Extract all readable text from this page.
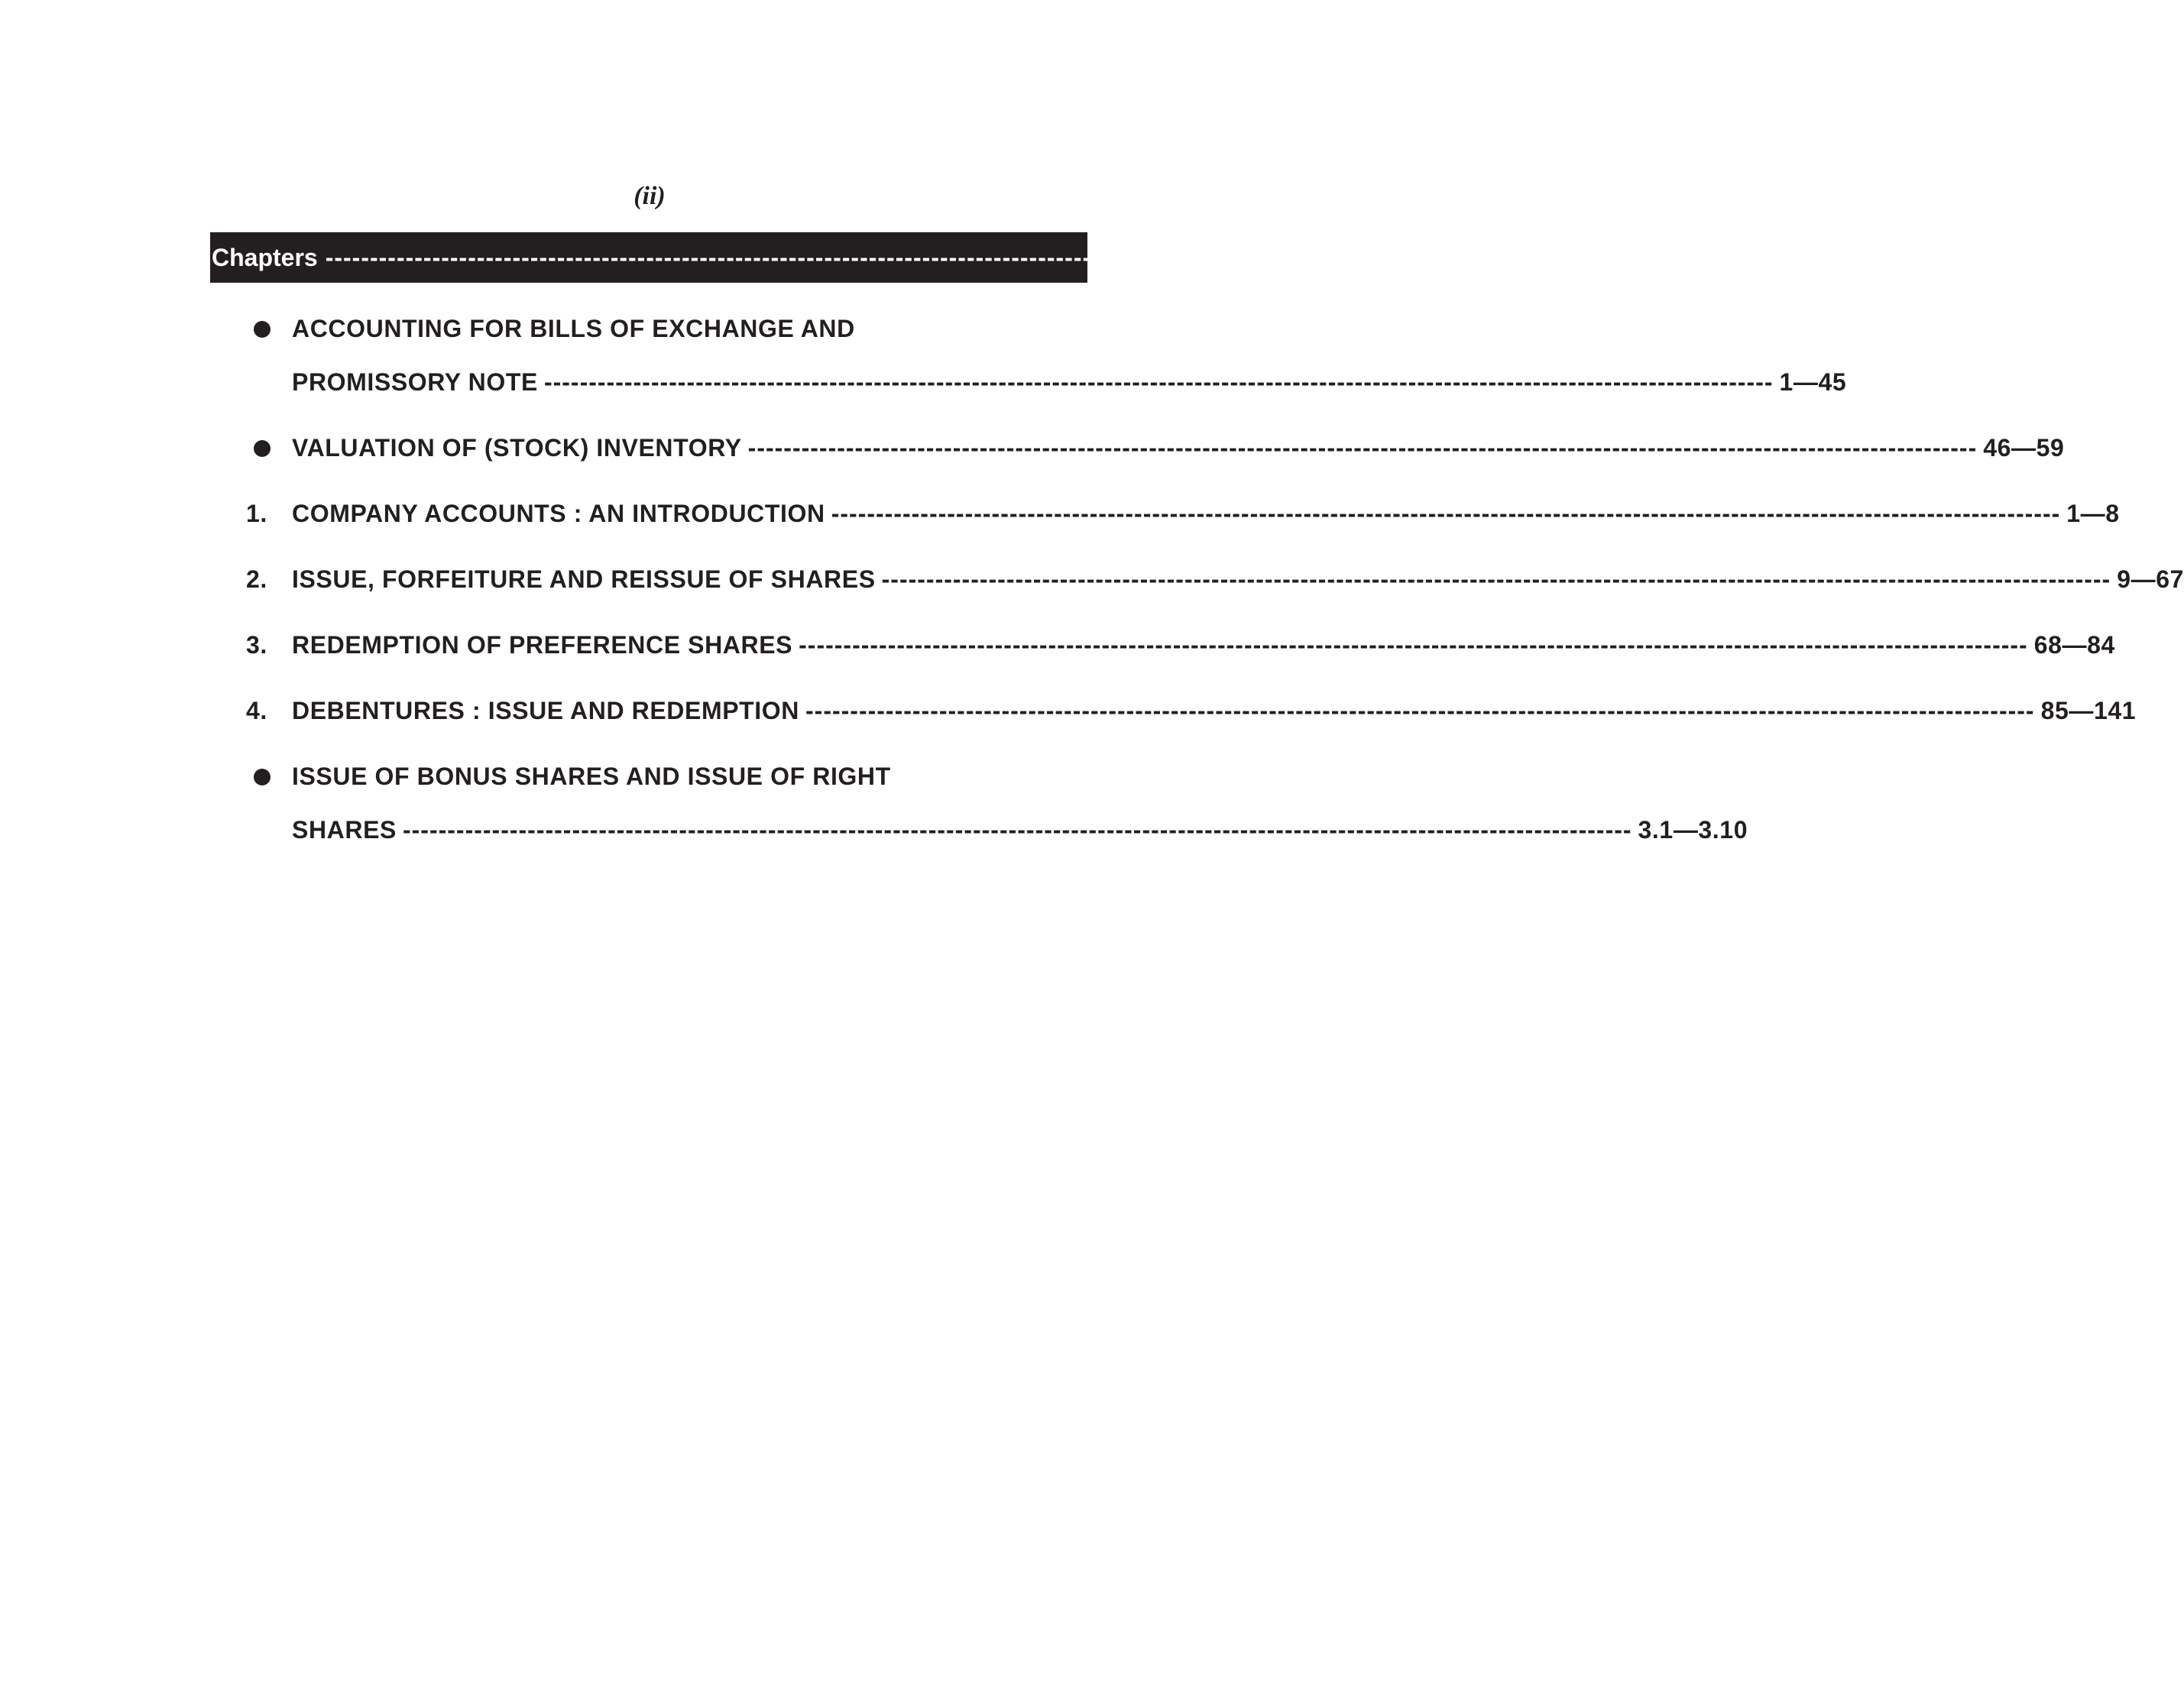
(ii)
Chapters ------------------------------------------------------------------------------------------------------------------------------------------ Page No.
ACCOUNTING FOR BILLS OF EXCHANGE AND
PROMISSORY NOTE ------------------------------------------------------------------------------------------------------------------------------------------ 1—45
VALUATION OF (STOCK) INVENTORY ------------------------------------------------------------------------------------------------------------------------------------------ 46—59
1.	COMPANY ACCOUNTS : AN INTRODUCTION ------------------------------------------------------------------------------------------------------------------------------------------ 1—8
2.	ISSUE, FORFEITURE AND REISSUE OF SHARES ------------------------------------------------------------------------------------------------------------------------------------------ 9—67
3.	REDEMPTION OF PREFERENCE SHARES ------------------------------------------------------------------------------------------------------------------------------------------ 68—84
4.	DEBENTURES : ISSUE AND REDEMPTION ------------------------------------------------------------------------------------------------------------------------------------------ 85—141
ISSUE OF BONUS SHARES AND ISSUE OF RIGHT
SHARES ------------------------------------------------------------------------------------------------------------------------------------------ 3.1—3.10
